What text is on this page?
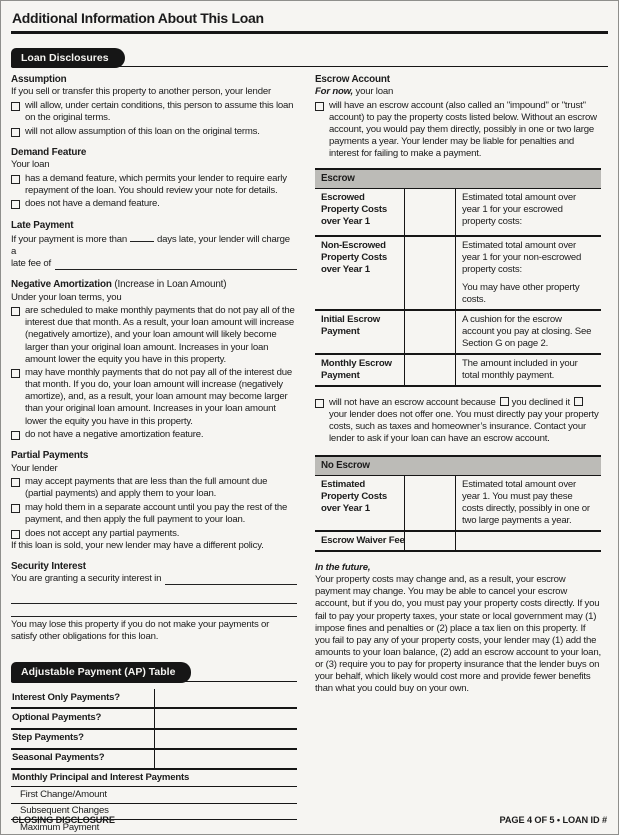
Additional Information About This Loan
Loan Disclosures
Assumption

If you sell or transfer this property to another person, your lender

will allow, under certain conditions, this person to assume this loan on the original terms.
will not allow assumption of this loan on the original terms.
Demand Feature

Your loan

has a demand feature, which permits your lender to require early repayment of the loan. You should review your note for details.
does not have a demand feature.
Late Payment

If your payment is more than	days late, your lender will charge a

late fee of
Negative Amortization (Increase in Loan Amount)

Under your loan terms, you

are scheduled to make monthly payments that do not pay all of the interest due that month. As a result, your loan amount will increase (negatively amortize), and your loan amount will likely become larger than your original loan amount. Increases in your loan amount lower the equity you have in this property.
may have monthly payments that do not pay all of the interest due that month. If you do, your loan amount will increase (negatively amortize), and, as a result, your loan amount may become larger than your original loan amount. Increases in your loan amount lower the equity you have in this property.
do not have a negative amortization feature.
Partial Payments

Your lender

may accept payments that are less than the full amount due (partial payments) and apply them to your loan.
may hold them in a separate account until you pay the rest of the payment, and then apply the full payment to your loan.
does not accept any partial payments.

If this loan is sold, your new lender may have a different policy.

Security Interest
You are granting a security interest in

You may lose this property if you do not make your payments or satisfy other obligations for this loan.

Adjustable Payment (AP) Table
Interest Only Payments?
Optional Payments?
Step Payments?
Seasonal Payments?
Monthly Principal and Interest Payments
First Change/Amount
Subsequent Changes
Maximum Payment
Escrow Account

For now, your loan

will have an escrow account (also called an "impound" or "trust" account) to pay the property costs listed below. Without an escrow account, you would pay them directly, possibly in one or two large payments a year. Your lender may be liable for penalties and interest for failing to make a payment.
Escrow
Escrowed Property Costs over Year 1
Estimated total amount over year 1 for your escrowed property costs:
Non-Escrowed Property Costs over Year 1
Estimated total amount over year 1 for your non-escrowed property costs:
You may have other property costs.
Initial Escrow Payment
A cushion for the escrow account you pay at closing. See Section G on page 2.
Monthly Escrow Payment
The amount included in your total monthly payment.
will not have an escrow account because you declined ityour lender does not offer one. You must directly pay your property costs, such as taxes and homeowner’s insurance. Contact your lender to ask if your loan can have an escrow account.
No Escrow
Estimated Property Costs over Year 1
Estimated total amount over year 1. You must pay these costs directly, possibly in one or two large payments a year.
Escrow Waiver Fee
In the future,

Your property costs may change and, as a result, your escrow payment may change. You may be able to cancel your escrow account, but if you do, you must pay your property costs directly. If you fail to pay your property taxes, your state or local government may (1) impose fines and penalties or (2) place a tax lien on this property. If you fail to pay any of your property costs, your lender may (1) add the amounts to your loan balance, (2) add an escrow account to your loan, or (3) require you to pay for property insurance that the lender buys on your behalf, which likely would cost more and provide fewer benefits than what you could buy on your own.

CLOSING DISCLOSURE	PAGE 4 OF 5 • LOAN ID #
